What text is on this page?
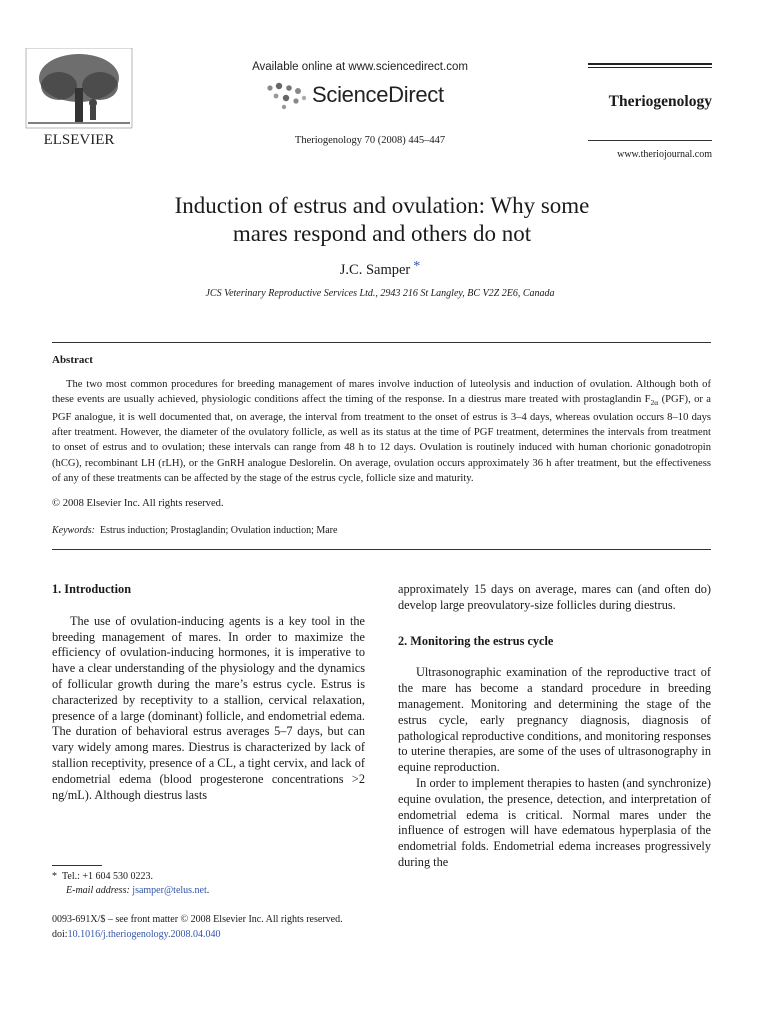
ELSEVIER
Available online at www.sciencedirect.com
ScienceDirect
Theriogenology 70 (2008) 445–447
Theriogenology
www.theriojournal.com
Induction of estrus and ovulation: Why some
mares respond and others do not
J.C. Samper *
JCS Veterinary Reproductive Services Ltd., 2943 216 St Langley, BC V2Z 2E6, Canada
Abstract

The two most common procedures for breeding management of mares involve induction of luteolysis and induction of ovulation. Although both of these events are usually achieved, physiologic conditions affect the timing of the response. In a diestrus mare treated with prostaglandin $F_{2\alpha}$ (PGF), or a PGF analogue, it is well documented that, on average, the interval from treatment to the onset of estrus is 3–4 days, whereas ovulation occurs 8–10 days after treatment. However, the diameter of the ovulatory follicle, as well as its status at the time of PGF treatment, determines the intervals from treatment to onset of estrus and to ovulation; these intervals can range from 48 h to 12 days. Ovulation is routinely induced with human chorionic gonadotropin (hCG), recombinant LH (rLH), or the GnRH analogue Deslorelin. On average, ovulation occurs approximately 36 h after treatment, but the effectiveness of any of these treatments can be affected by the stage of the estrus cycle, follicle size and maturity.

© 2008 Elsevier Inc. All rights reserved.
Keywords: Estrus induction; Prostaglandin; Ovulation induction; Mare
1. Introduction

The use of ovulation-inducing agents is a key tool in the breeding management of mares. In order to maximize the efficiency of ovulation-inducing hormones, it is imperative to have a clear understanding of the physiology and the dynamics of follicular growth during the mare’s estrus cycle. Estrus is characterized by receptivity to a stallion, cervical relaxation, presence of a large (dominant) follicle, and endometrial edema. The duration of behavioral estrus averages 5–7 days, but can vary widely among mares. Diestrus is characterized by lack of stallion receptivity, presence of a CL, a tight cervix, and lack of endometrial edema (blood progesterone concentrations >2 ng/mL). Although diestrus lasts

approximately 15 days on average, mares can (and often do) develop large preovulatory-size follicles during diestrus.

2. Monitoring the estrus cycle

Ultrasonographic examination of the reproductive tract of the mare has become a standard procedure in breeding management. Monitoring and determining the stage of the estrus cycle, early pregnancy diagnosis, diagnosis of pathological reproductive conditions, and monitoring responses to uterine therapies, are some of the uses of ultrasonography in equine reproduction.

In order to implement therapies to hasten (and synchronize) equine ovulation, the presence, detection, and interpretation of endometrial edema is critical. Normal mares under the influence of estrogen will have edematous hyperplasia of the endometrial folds. Endometrial edema increases progressively during the

* Tel.: +1 604 530 0223.
E-mail address: jsamper@telus.net.
0093-691X/$ – see front matter © 2008 Elsevier Inc. All rights reserved.
doi:10.1016/j.theriogenology.2008.04.040
